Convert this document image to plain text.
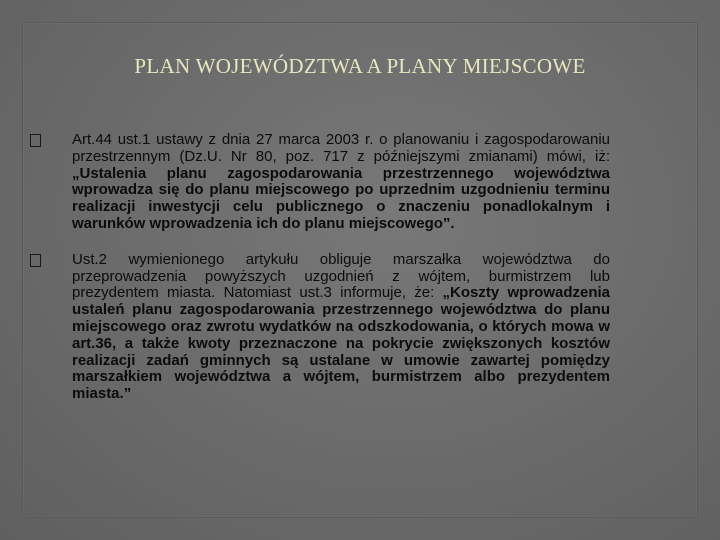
PLAN WOJEWÓDZTWA A PLANY MIEJSCOWE
Art.44 ust.1 ustawy z dnia 27 marca 2003 r. o planowaniu i zagospodarowaniu przestrzennym (Dz.U. Nr 80, poz. 717 z późniejszymi zmianami) mówi, iż: „Ustalenia planu zagospodarowania przestrzennego województwa wprowadza się do planu miejscowego po uprzednim uzgodnieniu terminu realizacji inwestycji celu publicznego o znaczeniu ponadlokalnym i warunków wprowadzenia ich do planu miejscowego”.
Ust.2 wymienionego artykułu obliguje marszałka województwa do przeprowadzenia powyższych uzgodnień z wójtem, burmistrzem lub prezydentem miasta. Natomiast ust.3 informuje, że: „Koszty wprowadzenia ustaleń planu zagospodarowania przestrzennego województwa do planu miejscowego oraz zwrotu wydatków na odszkodowania, o których mowa w art.36, a także kwoty przeznaczone na pokrycie zwiększonych kosztów realizacji zadań gminnych są ustalane w umowie zawartej pomiędzy marszałkiem województwa a wójtem, burmistrzem albo prezydentem miasta.”
